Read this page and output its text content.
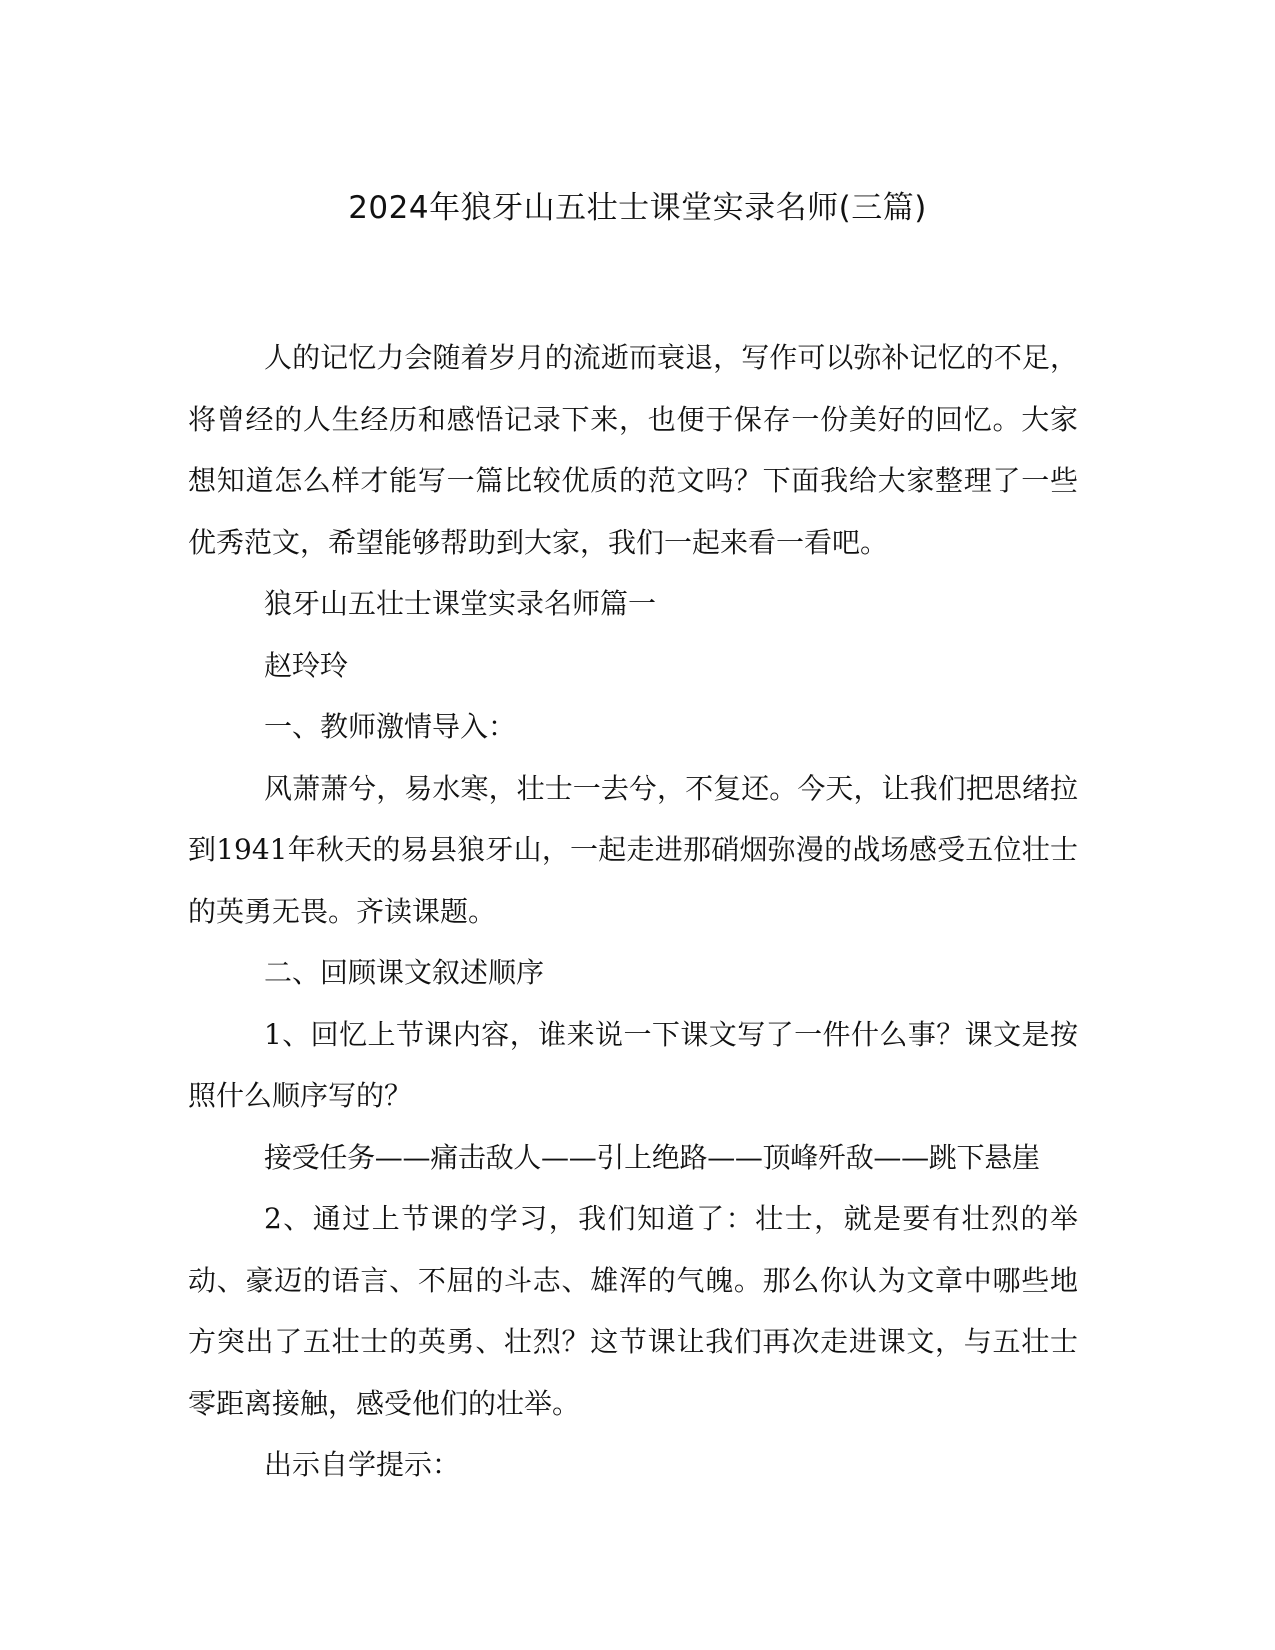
2024年狼牙山五壮士课堂实录名师(三篇)

人的记忆力会随着岁月的流逝而衰退，写作可以弥补记忆的不足，将曾经的人生经历和感悟记录下来，也便于保存一份美好的回忆。大家想知道怎么样才能写一篇比较优质的范文吗？下面我给大家整理了一些优秀范文，希望能够帮助到大家，我们一起来看一看吧。

狼牙山五壮士课堂实录名师篇一

赵玲玲

一、教师激情导入：

风萧萧兮，易水寒，壮士一去兮，不复还。今天，让我们把思绪拉到1941年秋天的易县狼牙山，一起走进那硝烟弥漫的战场感受五位壮士的英勇无畏。齐读课题。

二、回顾课文叙述顺序

1、回忆上节课内容，谁来说一下课文写了一件什么事？课文是按照什么顺序写的？

接受任务——痛击敌人——引上绝路——顶峰歼敌——跳下悬崖

2、通过上节课的学习，我们知道了：壮士，就是要有壮烈的举动、豪迈的语言、不屈的斗志、雄浑的气魄。那么你认为文章中哪些地方突出了五壮士的英勇、壮烈？这节课让我们再次走进课文，与五壮士零距离接触，感受他们的壮举。

出示自学提示：
